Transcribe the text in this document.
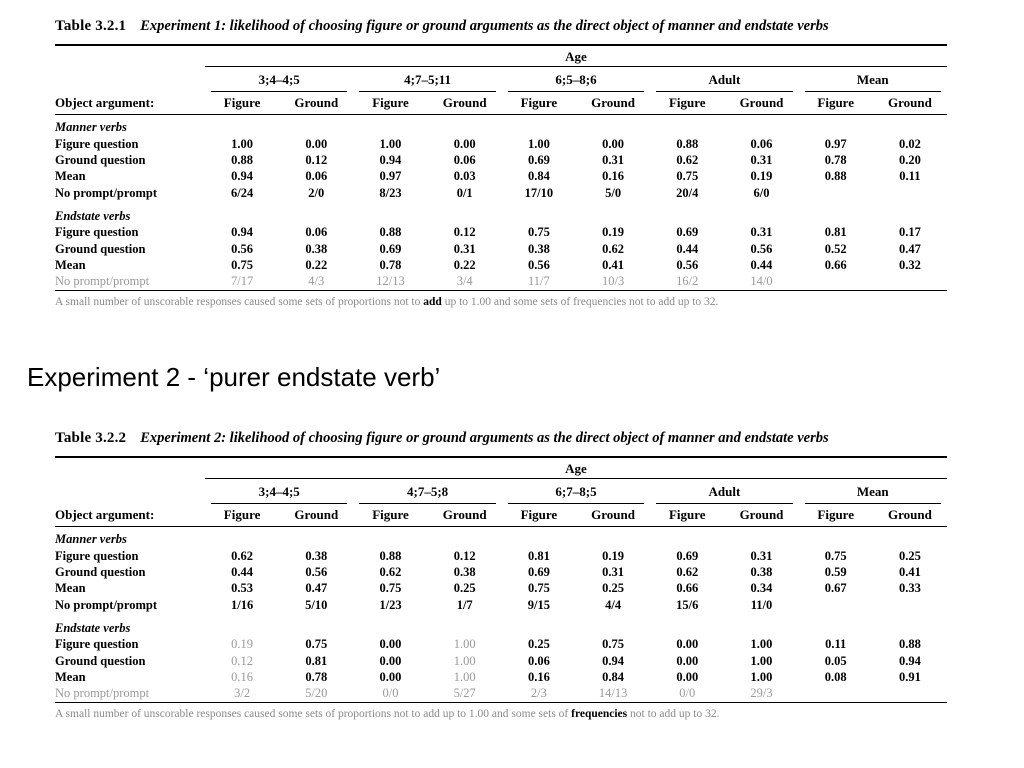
Table 3.2.1 Experiment 1: likelihood of choosing figure or ground arguments as the direct object of manner and endstate verbs
Age
3;4–4;5	4;7–5;11	6;5–8;6	Adult	Mean
Object argument:	Figure	Ground	Figure	Ground	Figure	Ground	Figure	Ground	Figure	Ground
Manner verbs
Figure question	1.00	0.00	1.00	0.00	1.00	0.00	0.88	0.06	0.97	0.02
Ground question	0.88	0.12	0.94	0.06	0.69	0.31	0.62	0.31	0.78	0.20
Mean	0.94	0.06	0.97	0.03	0.84	0.16	0.75	0.19	0.88	0.11
No prompt/prompt	6/24	2/0	8/23	0/1	17/10	5/0	20/4	6/0
Endstate verbs
Figure question	0.94	0.06	0.88	0.12	0.75	0.19	0.69	0.31	0.81	0.17
Ground question	0.56	0.38	0.69	0.31	0.38	0.62	0.44	0.56	0.52	0.47
Mean	0.75	0.22	0.78	0.22	0.56	0.41	0.56	0.44	0.66	0.32
No prompt/prompt	7/17	4/3	12/13	3/4	11/7	10/3	16/2	14/0
A small number of unscorable responses caused some sets of proportions not to add up to 1.00 and some sets of frequencies not to add up to 32.
Experiment 2 - ‘purer endstate verb’
Table 3.2.2 Experiment 2: likelihood of choosing figure or ground arguments as the direct object of manner and endstate verbs
Age
3;4–4;5	4;7–5;8	6;7–8;5	Adult	Mean
Object argument:	Figure	Ground	Figure	Ground	Figure	Ground	Figure	Ground	Figure	Ground
Manner verbs
Figure question	0.62	0.38	0.88	0.12	0.81	0.19	0.69	0.31	0.75	0.25
Ground question	0.44	0.56	0.62	0.38	0.69	0.31	0.62	0.38	0.59	0.41
Mean	0.53	0.47	0.75	0.25	0.75	0.25	0.66	0.34	0.67	0.33
No prompt/prompt	1/16	5/10	1/23	1/7	9/15	4/4	15/6	11/0
Endstate verbs
Figure question	0.19	0.75	0.00	1.00	0.25	0.75	0.00	1.00	0.11	0.88
Ground question	0.12	0.81	0.00	1.00	0.06	0.94	0.00	1.00	0.05	0.94
Mean	0.16	0.78	0.00	1.00	0.16	0.84	0.00	1.00	0.08	0.91
No prompt/prompt	3/2	5/20	0/0	5/27	2/3	14/13	0/0	29/3
A small number of unscorable responses caused some sets of proportions not to add up to 1.00 and some sets of frequencies not to add up to 32.
